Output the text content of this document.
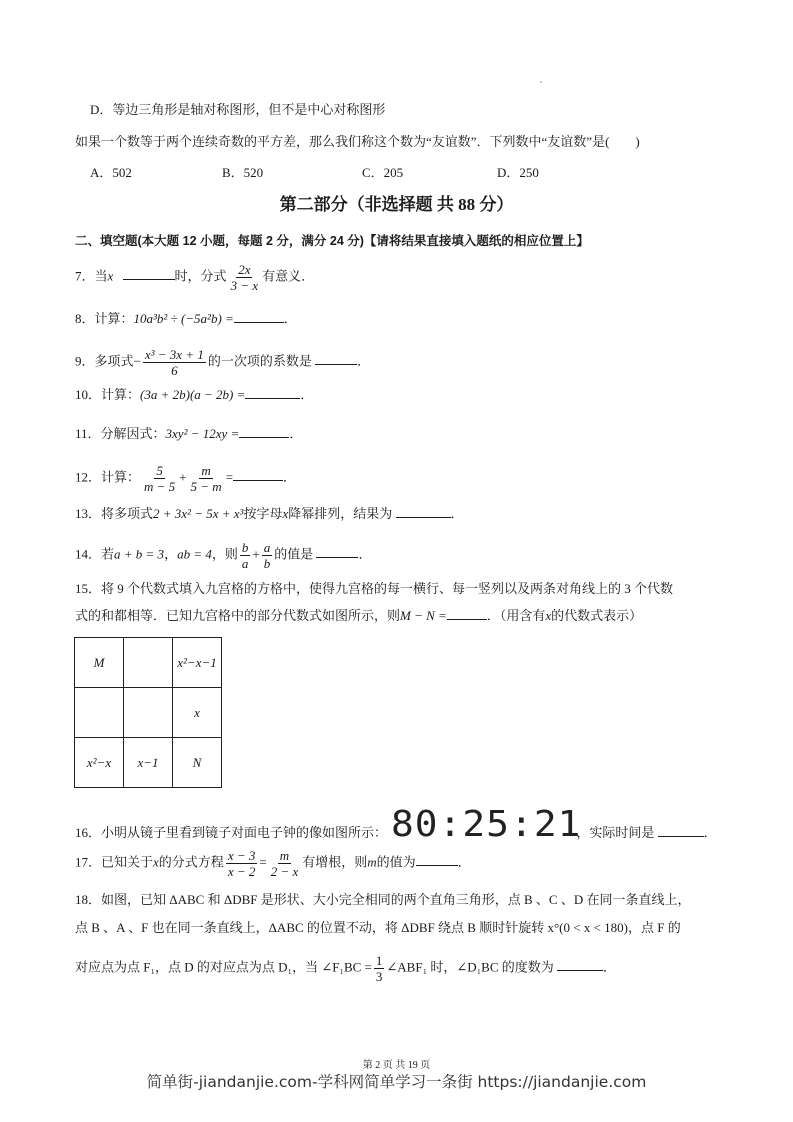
D．等边三角形是轴对称图形，但不是中心对称图形
如果一个数等于两个连续奇数的平方差，那么我们称这个数为“友谊数”．下列数中“友谊数”是(　　)
A．502	B．520	C．205	D．250
第二部分（非选择题 共 88 分）
二、填空题(本大题 12 小题，每题 2 分，满分 24 分)【请将结果直接填入题纸的相应位置上】
7．当x	时，分式 $\frac{2x}{3 - x}$ 有意义．
8．计算：10a³b² ÷ (−5a²b) =	．
9．多项式− $\frac{\text{x³ − 3x + 1}}{6}$ 的一次项的系数是	．
10．计算：(3a + 2b)(a − 2b) =	．
11．分解因式：3xy² − 12xy =	．
12．计算： $\frac{5}{m - 5} + \frac{m}{5 - m}$ =	．
13．将多项式2 + 3x² − 5x + x³按字母x降幂排列，结果为	．
14．若a + b = 3，ab = 4，则 $\frac{b}{a} + \frac{a}{b}$ 的值是	．
15．将 9 个代数式填入九宫格的方格中，使得九宫格的每一横行、每一竖列以及两条对角线上的 3 个代数
式的和都相等．已知九宫格中的部分代数式如图所示，则M − N =	．（用含有x的代数式表示）
M		x²−x−1
		x
x²−x	x−1	N
16．小明从镜子里看到镜子对面电子钟的像如图所示： 80:25:21，实际时间是	．
17．已知关于x的分式方程 $\frac{x - 3}{x - 2} = \frac{m}{2 - x}$ 有增根，则m的值为	．
18．如图，已知 ΔABC 和 ΔDBF 是形状、大小完全相同的两个直角三角形，点 B 、C 、D 在同一条直线上，
点 B 、A 、F 也在同一条直线上，ΔABC 的位置不动，将 ΔDBF 绕点 B 顺时针旋转 x°(0 < x < 180)，点 F 的
对应点为点 F₁，点 D 的对应点为点 D₁，当 ∠F₁BC = $\frac{1}{3}$ ∠ABF₁ 时，∠D₁BC 的度数为	．
第 2 页 共 19 页
简单街-jiandanjie.com-学科网简单学习一条街 https://jiandanjie.com
